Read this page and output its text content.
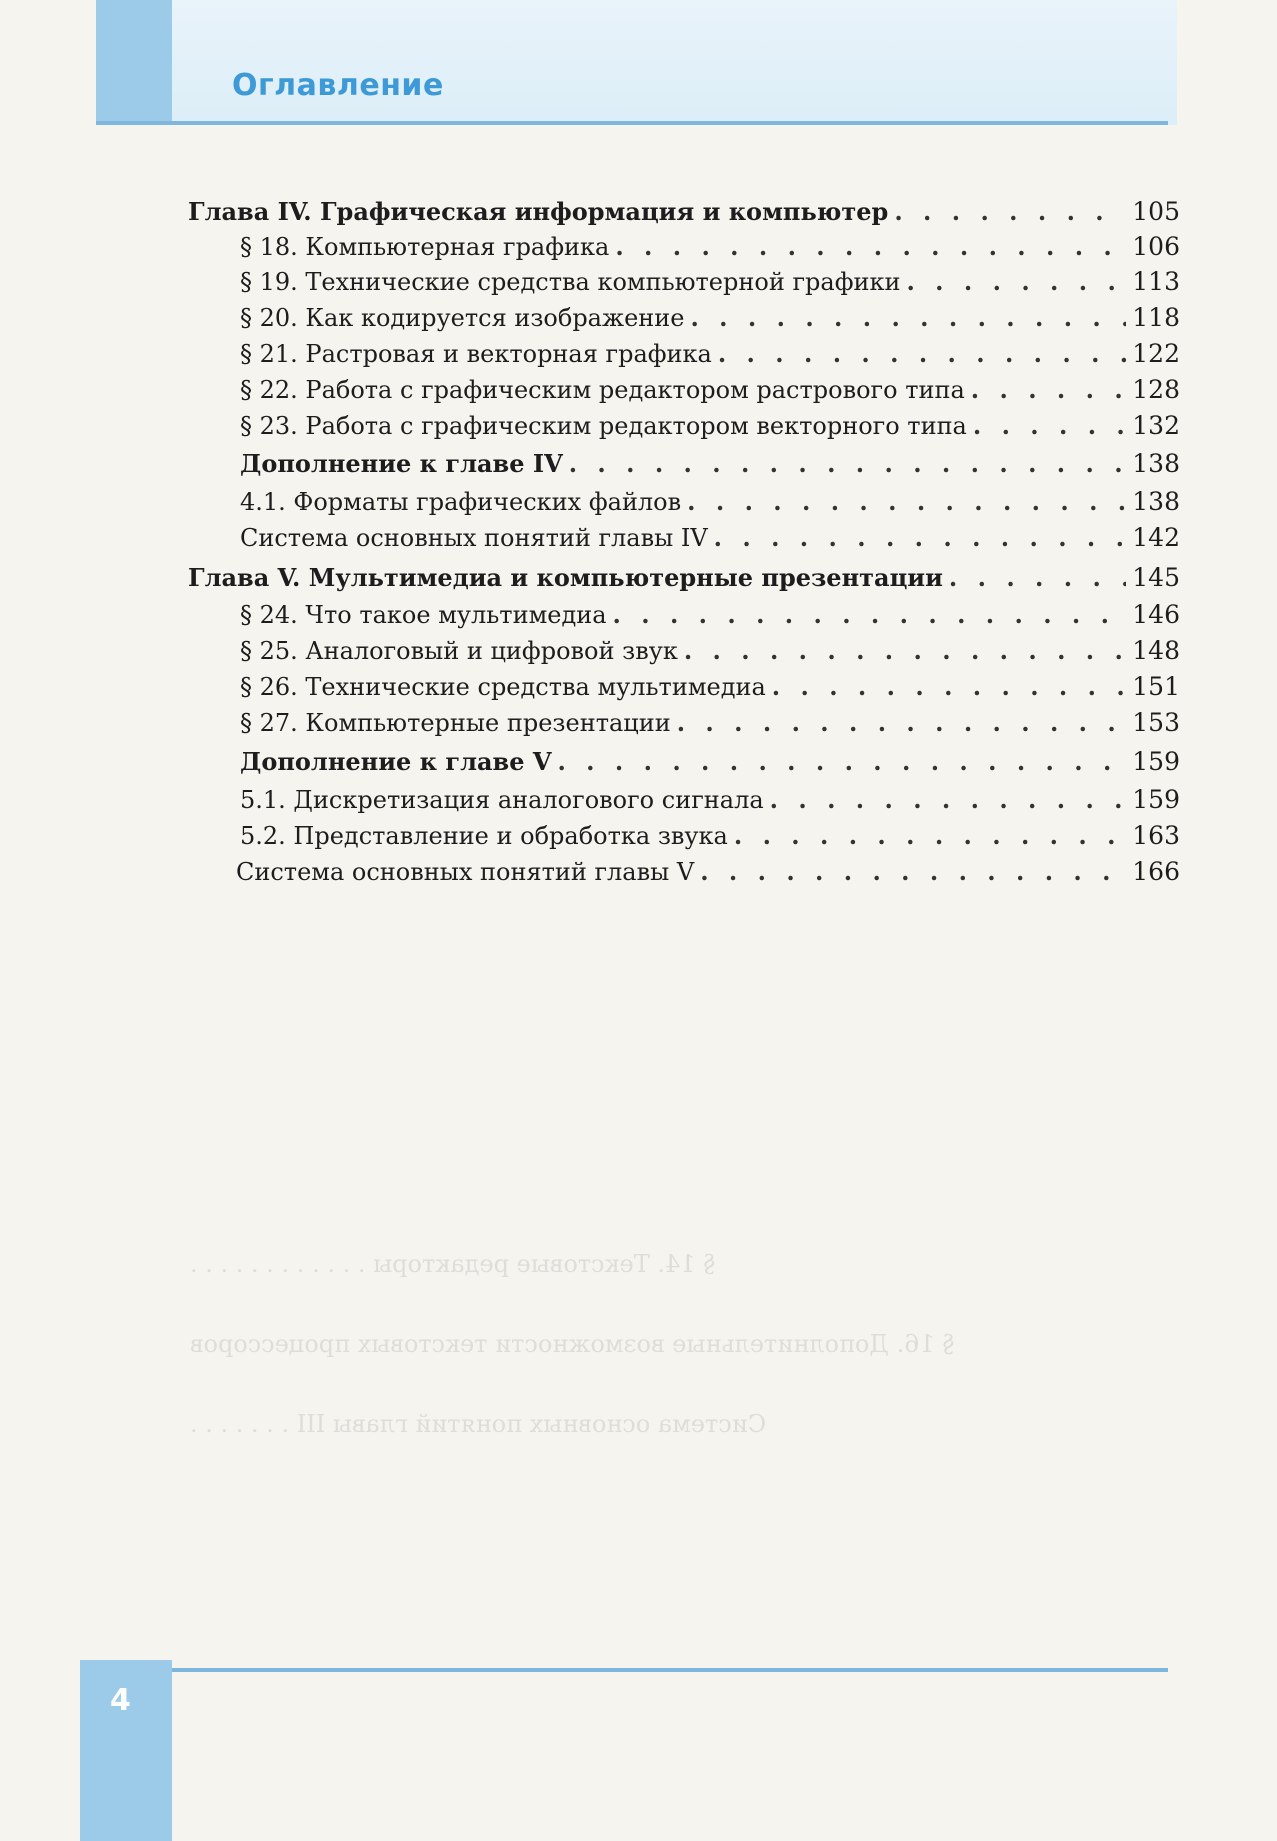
Оглавление
§ 14. Текстовые редакторы . . . . . . . . . . . .
§ 16. Дополнительные возможности текстовых процессоров
Система основных понятий главы III . . . . . . .
Глава IV. Графическая информация и компьютер . . .	105
§ 18. Компьютерная графика . . .	106
§ 19. Технические средства компьютерной графики . . .	113
§ 20. Как кодируется изображение . . .	118
§ 21. Растровая и векторная графика . . .	122
§ 22. Работа с графическим редактором растрового типа . . .	128
§ 23. Работа с графическим редактором векторного типа . . .	132
Дополнение к главе IV . . .	138
4.1. Форматы графических файлов . . .	138
Система основных понятий главы IV . . .	142
Глава V. Мультимедиа и компьютерные презентации . . .	145
§ 24. Что такое мультимедиа . . .	146
§ 25. Аналоговый и цифровой звук . . .	148
§ 26. Технические средства мультимедиа . . .	151
§ 27. Компьютерные презентации . . .	153
Дополнение к главе V . . .	159
5.1. Дискретизация аналогового сигнала . . .	159
5.2. Представление и обработка звука . . .	163
Система основных понятий главы V . . .	166
4
